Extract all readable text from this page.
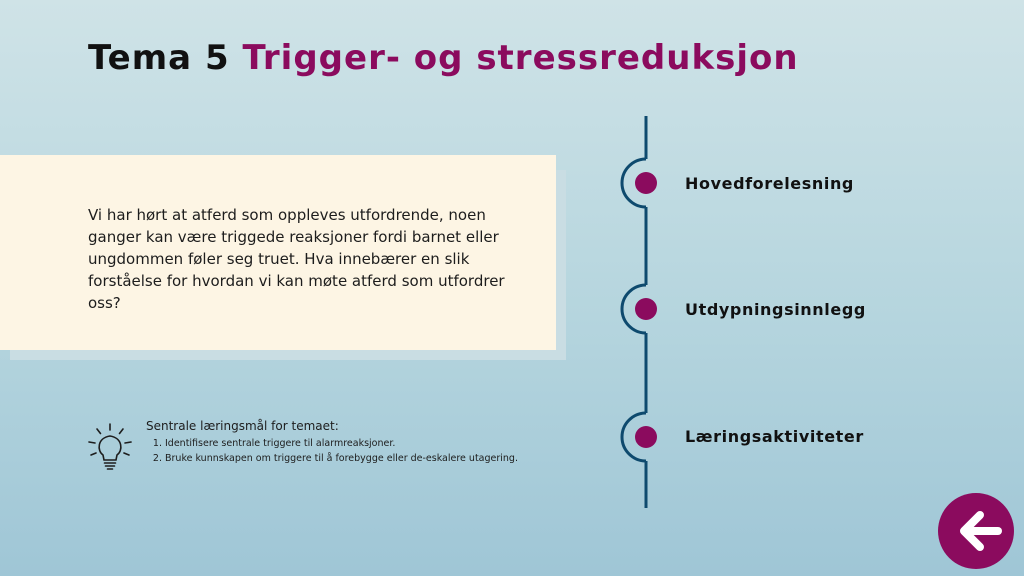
Tema 5 Trigger- og stressreduksjon
Vi har hørt at atferd som oppleves utfordrende, noen ganger kan være triggede reaksjoner fordi barnet eller ungdommen føler seg truet. Hva innebærer en slik forståelse for hvordan vi kan møte atferd som utfordrer oss?
Sentrale læringsmål for temaet:
1. Identifisere sentrale triggere til alarmreaksjoner.
2. Bruke kunnskapen om triggere til å forebygge eller de-eskalere utagering.
Hovedforelesning
Utdypningsinnlegg
Læringsaktiviteter
